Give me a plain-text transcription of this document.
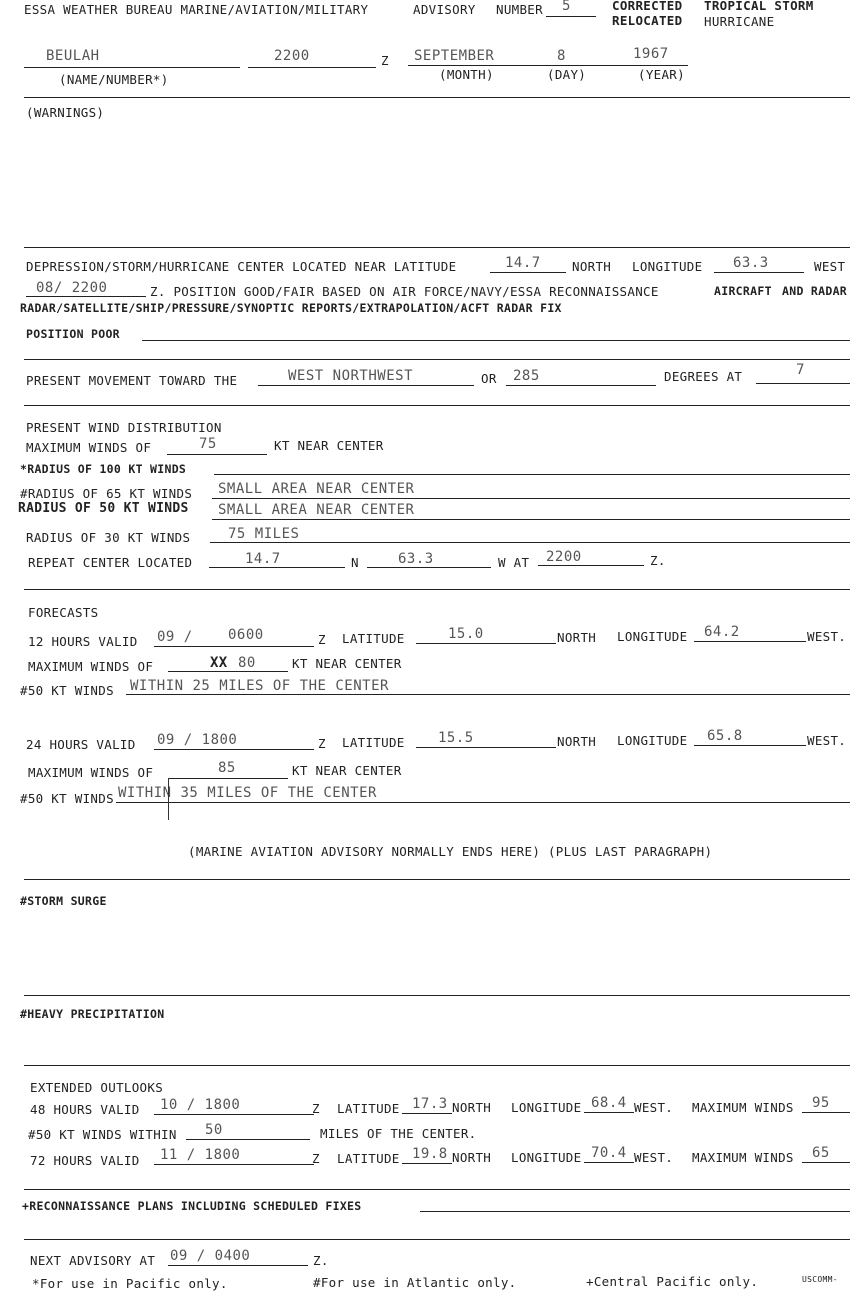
ESSA WEATHER BUREAU MARINE/AVIATION/MILITARY	ADVISORY NUMBER 5	CORRECTED
RELOCATED
TROPICAL STORM
HURRICANE
BEULAH	2200	Z SEPTEMBER	8	1967
(NAME/NUMBER*)	(MONTH)	(DAY)	(YEAR)
(WARNINGS)
DEPRESSION/STORM/HURRICANE CENTER LOCATED NEAR LATITUDE	14.7	NORTH LONGITUDE 63.3	WEST
08/ 2200	Z. POSITION GOOD/FAIR BASED ON AIR FORCE/NAVY/ESSA RECONNAISSANCE	AIRCRAFT AND RADAR
RADAR/SATELLITE/SHIP/PRESSURE/SYNOPTIC REPORTS/EXTRAPOLATION/ACFT RADAR FIX
POSITION POOR
PRESENT MOVEMENT TOWARD THE	WEST NORTHWEST	OR 285	DEGREES AT	7
PRESENT WIND DISTRIBUTION
MAXIMUM WINDS OF	75	KT NEAR CENTER
*RADIUS OF 100 KT WINDS
#RADIUS OF 65 KT WINDS SMALL AREA NEAR CENTER
RADIUS OF 50 KT WINDS SMALL AREA NEAR CENTER
RADIUS OF 30 KT WINDS	75 MILES
REPEAT CENTER LOCATED	14.7	N	63.3	W AT 2200	Z.
FORECASTS
12 HOURS VALID 09 /	0600	Z LATITUDE	15.0	NORTH LONGITUDE 64.2	WEST.
MAXIMUM WINDS OF	XX 80	KT NEAR CENTER
#50 KT WINDS WITHIN 25 MILES OF THE CENTER
24 HOURS VALID 09 / 1800	Z LATITUDE 15.5	NORTH LONGITUDE 65.8	WEST.
MAXIMUM WINDS OF	85	KT NEAR CENTER
#50 KT WINDS WITHIN 35 MILES OF THE CENTER
(MARINE AVIATION ADVISORY NORMALLY ENDS HERE) (PLUS LAST PARAGRAPH)
#STORM SURGE
#HEAVY PRECIPITATION
EXTENDED OUTLOOKS
48 HOURS VALID 10 / 1800	Z LATITUDE 17.3 NORTH LONGITUDE 68.4 WEST. MAXIMUM WINDS 95
#50 KT WINDS WITHIN 50	MILES OF THE CENTER.
72 HOURS VALID 11 / 1800	Z LATITUDE 19.8 NORTH LONGITUDE 70.4 WEST. MAXIMUM WINDS 65
+RECONNAISSANCE PLANS INCLUDING SCHEDULED FIXES
NEXT ADVISORY AT 09 / 0400	Z.
*For use in Pacific only.	#For use in Atlantic only.	+Central Pacific only.	USCOMM-
